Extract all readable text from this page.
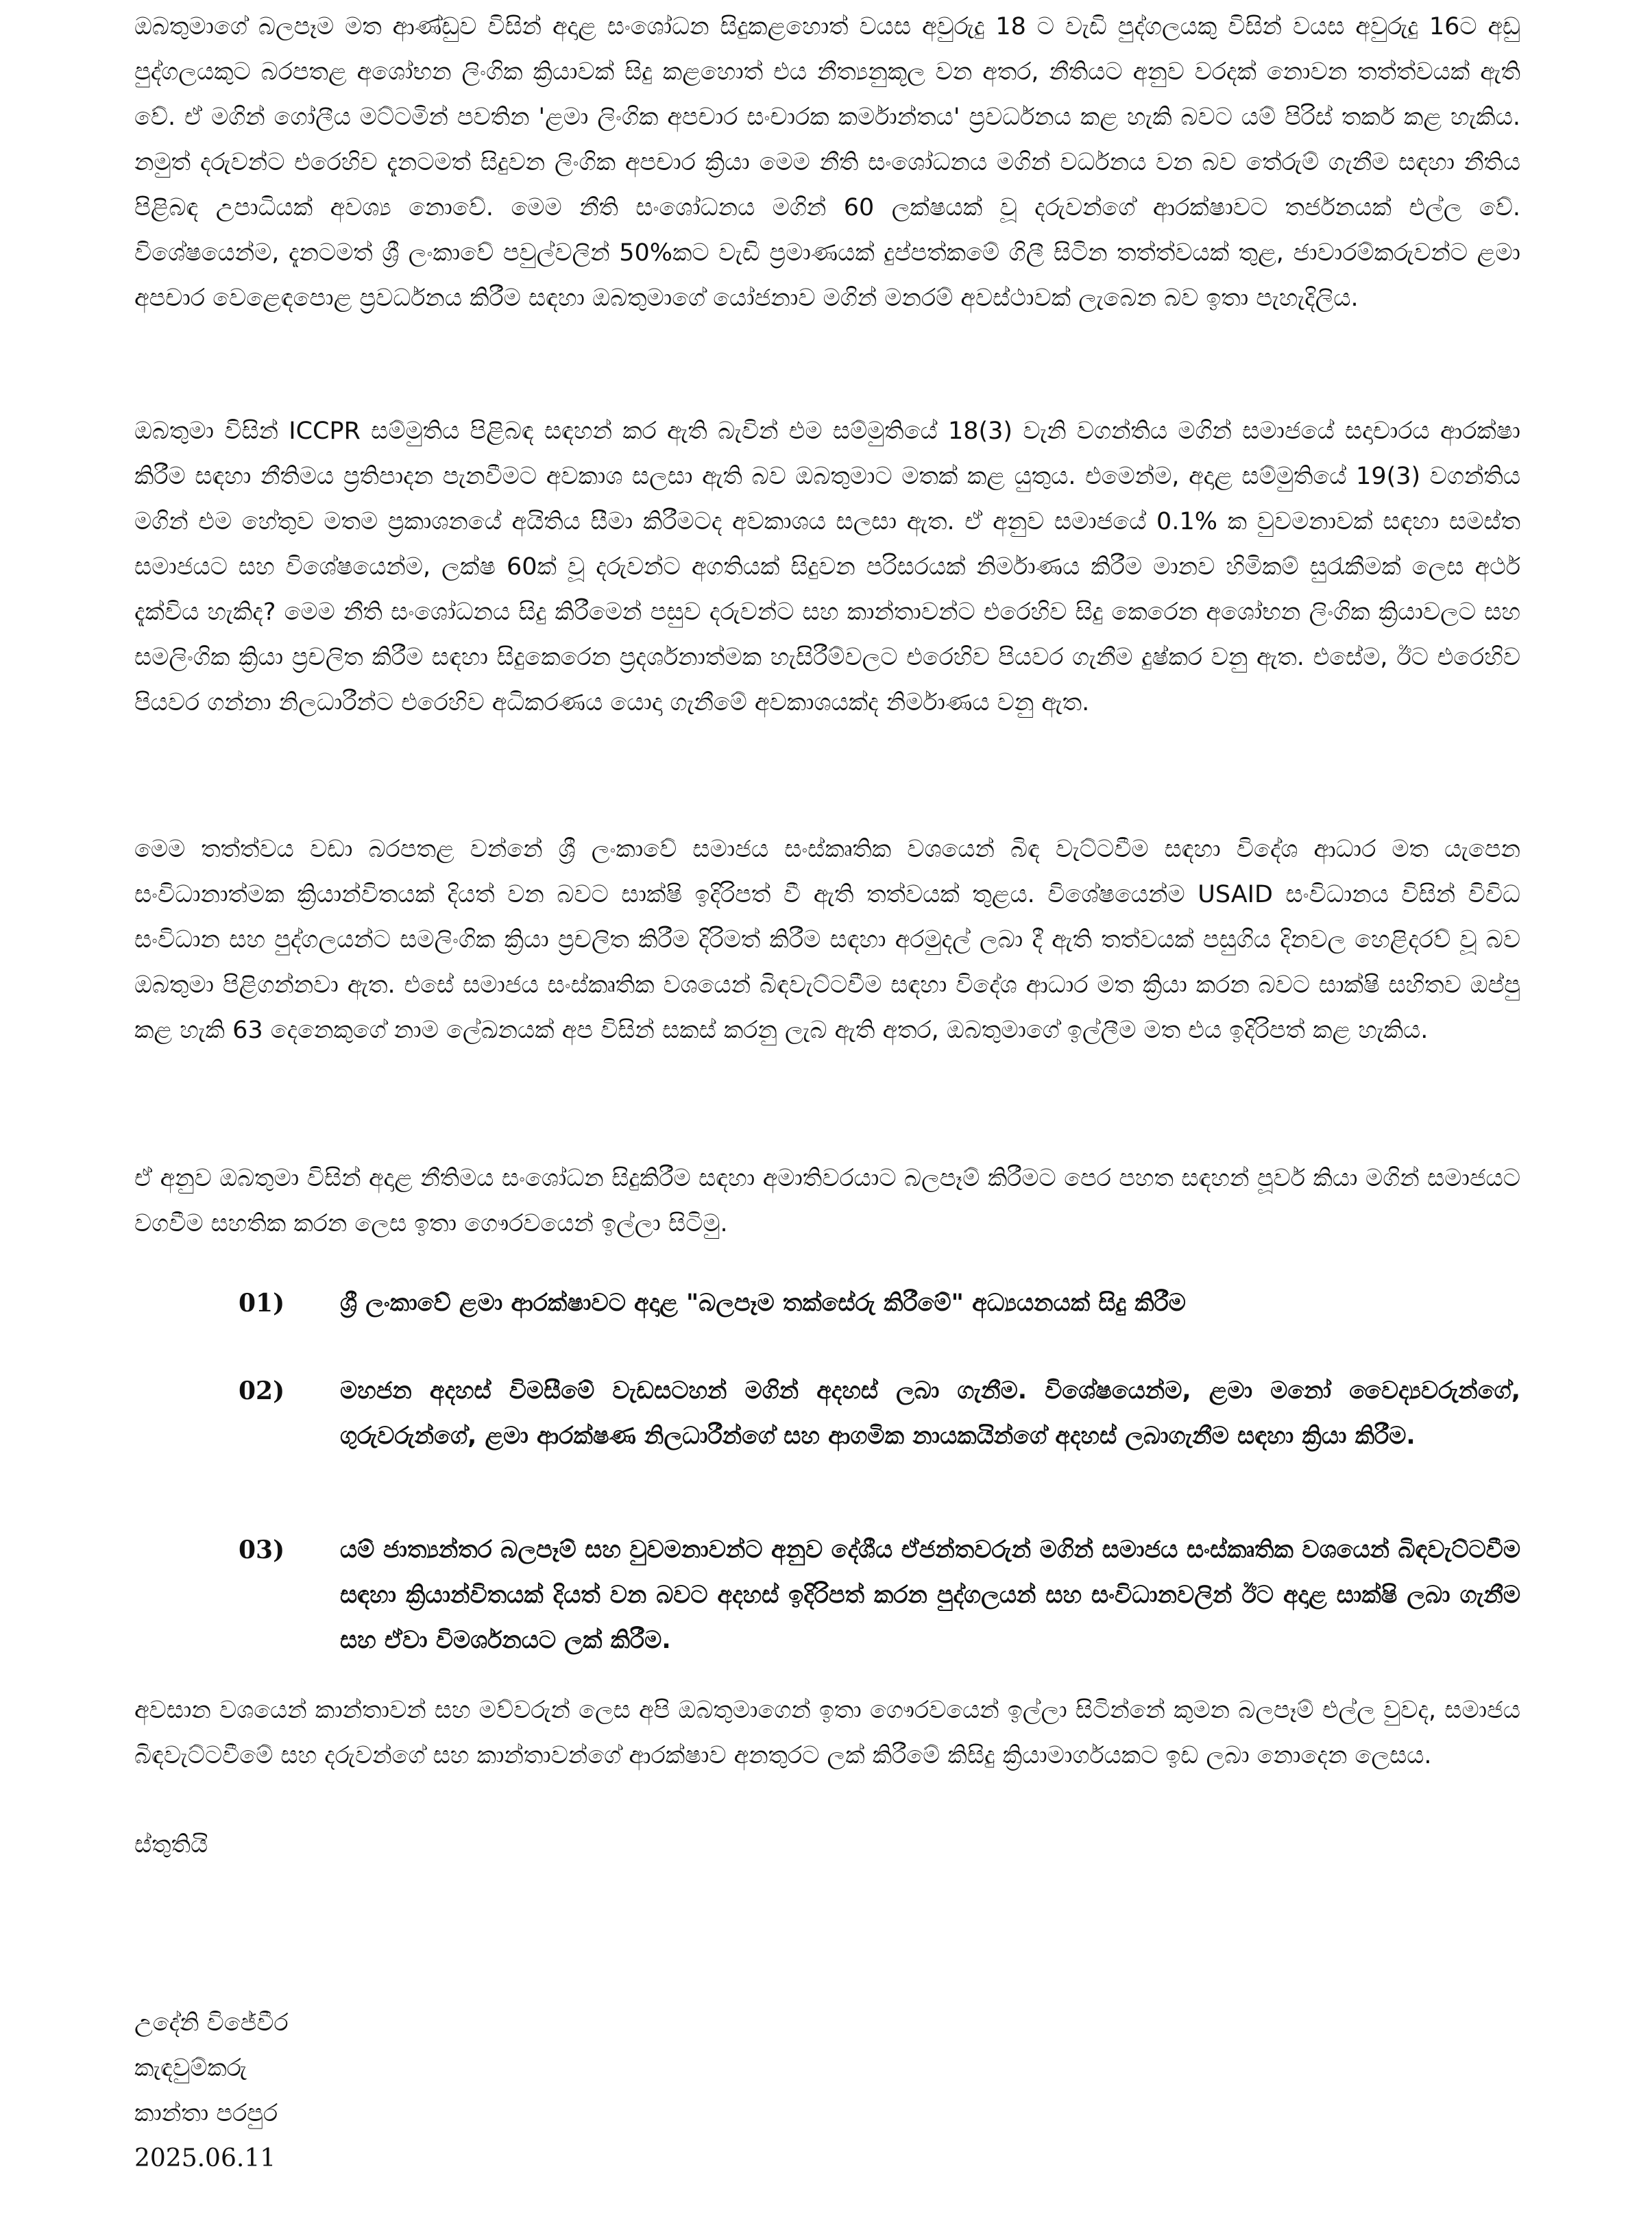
ඔබතුමාගේ බලපෑම මත ආණ්ඩුව විසින් අදාළ සංශෝධන සිදුකළහොත් වයස අවුරුදු 18 ට වැඩි පුද්ගලයකු විසින් වයස අවුරුදු 16ට අඩු පුද්ගලයකුට බරපතළ අශෝභන ලිංගික ක්‍රියාවක් සිදු කළහොත් එය නීත්‍යනුකූල වන අතර, නීතියට අනුව වරදක් නොවන තත්ත්වයක් ඇති වේ. ඒ මගින් ගෝලීය මට්ටමින් පවතින 'ළමා ලිංගික අපචාර සංචාරක කර්මාන්තය' ප්‍රවර්ධනය කළ හැකි බවට යම් පිරිස් තර්ක කළ හැකිය. නමුත් දරුවන්ට එරෙහිව දැනටමත් සිදුවන ලිංගික අපචාර ක්‍රියා මෙම නීති සංශෝධනය මගින් වර්ධනය වන බව තේරුම් ගැනීම සඳහා නීතිය පිළිබඳ උපාධියක් අවශ්‍ය නොවේ. මෙම නීති සංශෝධනය මගින් 60 ලක්ෂයක් වූ දරුවන්ගේ ආරක්ෂාවට තර්ජනයක් එල්ල වේ. විශේෂයෙන්ම, දැනටමත් ශ්‍රී ලංකාවේ පවුල්වලින් 50%කට වැඩි ප්‍රමාණයක් දුප්පත්කමේ ගිලී සිටින තත්ත්වයක් තුළ, ජාවාරම්කරුවන්ට ළමා අපචාර වෙළෙඳපොළ ප්‍රවර්ධනය කිරීම සඳහා ඔබතුමාගේ යෝජනාව මගින් මනරම් අවස්ථාවක් ලැබෙන බව ඉතා පැහැදිලිය.

ඔබතුමා විසින් ICCPR සම්මුතිය පිළිබඳ සඳහන් කර ඇති බැවින් එම සම්මුතියේ 18(3) වැනි වගන්තිය මගින් සමාජයේ සදාචාරය ආරක්ෂා කිරීම සඳහා නීතිමය ප්‍රතිපාදන පැනවීමට අවකාශ සලසා ඇති බව ඔබතුමාට මතක් කළ යුතුය. එමෙන්ම, අදාළ සම්මුතියේ 19(3) වගන්තිය මගින් එම හේතුව මතම ප්‍රකාශනයේ අයිතිය සීමා කිරීමටද අවකාශය සලසා ඇත. ඒ අනුව සමාජයේ 0.1% ක වුවමනාවක් සඳහා සමස්ත සමාජයට සහ විශේෂයෙන්ම, ලක්ෂ 60ක් වූ දරුවන්ට අගතියක් සිදුවන පරිසරයක් නිර්මාණය කිරීම මානව හිමිකම් සුරැකීමක් ලෙස අර්ථ දැක්විය හැකිද? මෙම නීති සංශෝධනය සිදු කිරීමෙන් පසුව දරුවන්ට සහ කාන්තාවන්ට එරෙහිව සිදු කෙරෙන අශෝභන ලිංගික ක්‍රියාවලට සහ සමලිංගික ක්‍රියා ප්‍රචලිත කිරීම සඳහා සිදුකෙරෙන ප්‍රදර්ශනාත්මක හැසිරීම්වලට එරෙහිව පියවර ගැනීම දුෂ්කර වනු ඇත. එසේම, ඊට එරෙහිව පියවර ගන්නා නිලධාරීන්ට එරෙහිව අධිකරණය යොදා ගැනීමේ අවකාශයක්ද නිර්මාණය වනු ඇත.

මෙම තත්ත්වය වඩා බරපතළ වන්නේ ශ්‍රී ලංකාවේ සමාජය සංස්කෘතික වශයෙන් බිඳ වැට්ටවීම සඳහා විදේශ ආධාර මත යැපෙන සංවිධානාත්මක ක්‍රියාන්විතයක් දියත් වන බවට සාක්ෂි ඉදිරිපත් වී ඇති තත්වයක් තුළය. විශේෂයෙන්ම USAID සංවිධානය විසින් විවිධ සංවිධාන සහ පුද්ගලයන්ට සමලිංගික ක්‍රියා ප්‍රචලිත කිරීම දිරිමත් කිරීම සඳහා අරමුදල් ලබා දී ඇති තත්වයක් පසුගිය දිනවල හෙළිදරව් වූ බව ඔබතුමා පිළිගන්නවා ඇත. එසේ සමාජය සංස්කෘතික වශයෙන් බිඳවැට්ටවීම සඳහා විදේශ ආධාර මත ක්‍රියා කරන බවට සාක්ෂි සහිතව ඔප්පු කළ හැකි 63 දෙනෙකුගේ නාම ලේඛනයක් අප විසින් සකස් කරනු ලැබ ඇති අතර, ඔබතුමාගේ ඉල්ලීම මත එය ඉදිරිපත් කළ හැකිය.

ඒ අනුව ඔබතුමා විසින් අදාළ නීතිමය සංශෝධන සිදුකිරීම සඳහා අමාතිවරයාට බලපෑම් කිරීමට පෙර පහත සඳහන් පූර්ව කියා මගින් සමාජයට වගවීම සහතික කරන ලෙස ඉතා ගෞරවයෙන් ඉල්ලා සිටිමු.

01)	ශ්‍රී ලංකාවේ ළමා ආරක්ෂාවට අදාළ "බලපෑම තක්සේරු කිරීමේ" අධ්‍යයනයක් සිදු කිරීම
02)	මහජන අදහස් විමසීමේ වැඩසටහන් මගින් අදහස් ලබා ගැනීම. විශේෂයෙන්ම, ළමා මනෝ වෛද්‍යවරුන්ගේ, ගුරුවරුන්ගේ, ළමා ආරක්ෂණ නිලධාරීන්ගේ සහ ආගමික නායකයින්ගේ අදහස් ලබාගැනීම සඳහා ක්‍රියා කිරීම.
03)	යම් ජාත්‍යන්තර බලපෑම් සහ වුවමනාවන්ට අනුව දේශීය ඒජන්තවරුන් මගින් සමාජය සංස්කෘතික වශයෙන් බිඳවැට්ටවීම සඳහා ක්‍රියාන්විතයක් දියත් වන බවට අදහස් ඉදිරිපත් කරන පුද්ගලයන් සහ සංවිධානවලින් ඊට අදාළ සාක්ෂි ලබා ගැනීම සහ ඒවා විමර්ශනයට ලක් කිරීම.

අවසාන වශයෙන් කාන්තාවන් සහ මව්වරුන් ලෙස අපි ඔබතුමාගෙන් ඉතා ගෞරවයෙන් ඉල්ලා සිටින්නේ කුමන බලපෑම් එල්ල වුවද, සමාජය බිඳවැට්ටවීමේ සහ දරුවන්ගේ සහ කාන්තාවන්ගේ ආරක්ෂාව අනතුරට ලක් කිරීමේ කිසිදු ක්‍රියාමාර්ගයකට ඉඩ ලබා නොදෙන ලෙසය.

ස්තුතියි
උදේනි විජේවීර
කැඳවුම්කරු
කාන්තා පරපුර
2025.06.11
